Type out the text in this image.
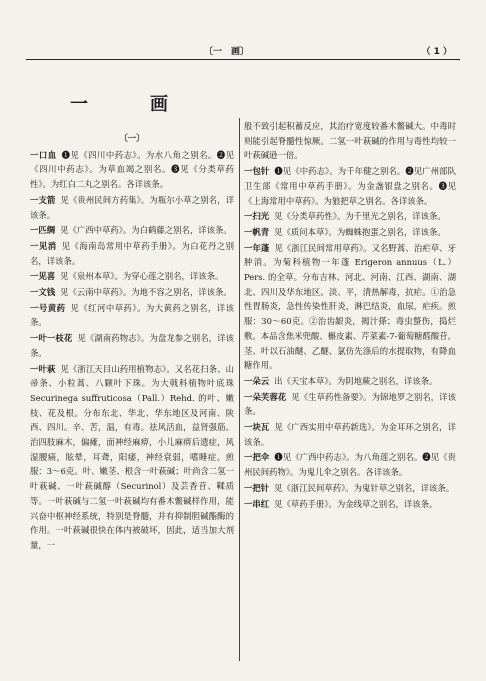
〔一　画〕	（ 1 ）
一　画
〔一〕

一口血 ❶见《四川中药志》。为水八角之别名。❷见《四川中药志》。为草血竭之别名。❸见《分类草药性》。为红白二丸之别名。各详该条。

一支箭 见《贵州民间方药集》。为瓶尔小草之别名，详该条。

一匹绸 见《广西中草药》。为白鹤藤之别名，详该条。

一见消 见《海南岛常用中草药手册》。为白花丹之别名，详该条。

一见喜 见《泉州本草》。为穿心莲之别名，详该条。

一文钱 见《云南中草药》。为地不容之别名，详该条。

一号黄药 见《红河中草药》。为大黄药之别名，详该条。

一叶一枝花 见《湖南药物志》。为盘龙参之别名，详该条。

一叶萩 见《浙江天目山药用植物志》。又名花扫条、山帚条、小粒蒿、八颗叶下珠。为大戟科植物叶底珠 Securinega suffruticosa（Pall.）Rehd. 的叶、嫩枝、花及根。分布东北、华北、华东地区及河南、陕西、四川。辛、苦，温，有毒。祛风活血，益肾强筋。治四肢麻木，偏瘫，面神经麻痹，小儿麻痹后遗症，风湿腰痛，眩晕，耳聋，阳痿，神经衰弱，嗜睡症。煎服：3～6克。叶、嫩茎、根含一叶萩碱；叶尚含二氢一叶萩碱、一叶萩碱醇（Securinol）及芸香苷、鞣质等。一叶萩碱与二氢一叶萩碱均有番木鳖碱样作用，能兴奋中枢神经系统，特别是脊髓，并有抑制胆碱酯酶的作用。一叶萩碱很快在体内被破坏，因此，适当加大剂量，一

般不致引起积蓄反应，其治疗宽度较番木鳖碱大。中毒时则能引起脊髓性惊厥。二氢一叶萩碱的作用与毒性均较一叶萩碱逊一倍。

一包针 ❶见《中药志》。为千年健之别名。❷见广州部队卫生部《常用中草药手册》。为金盏银盘之别名。❸见《上海常用中草药》。为狼把草之别名。各详该条。

一扫光 见《分类草药性》。为千里光之别名，详该条。

一帆青 见《质问本草》。为蜘蛛抱蛋之别名，详该条。

一年蓬 见《浙江民间常用草药》。又名野蒿、治疟草、牙肿消。为菊科植物一年蓬 Erigeron annuus（L.）Pers. 的全草。分布吉林、河北、河南、江西、湖南、湖北、四川及华东地区。淡、平，清热解毒，抗疟。①治急性胃肠炎，急性传染性肝炎，淋巴结炎，血尿，疟疾。煎服：30～60克。②治齿龈炎，揭汁搽；毒虫螫伤，捣烂敷。本品含焦米兜酸、槲皮素、芹菜素-7-葡萄糖醛酸苷。茎、叶以石油醚、乙醚、氯仿先涤后的水提取物，有降血糖作用。

一朵云 出《天宝本草》。为阴地蕨之别名，详该条。

一朵芙蓉花 见《生草药性备要》。为锦地罗之别名，详该条。

一块瓦 见《广西实用中草药新选》。为金耳环之别名，详该条。

一把伞 ❶见《广西中药志》。为八角莲之别名。❷见《贵州民间药物》。为鬼儿伞之别名。各详该条。

一把针 见《浙江民间草药》。为鬼针草之别名，详该条。

一串红 见《草药手册》。为金线草之别名，详该条。
